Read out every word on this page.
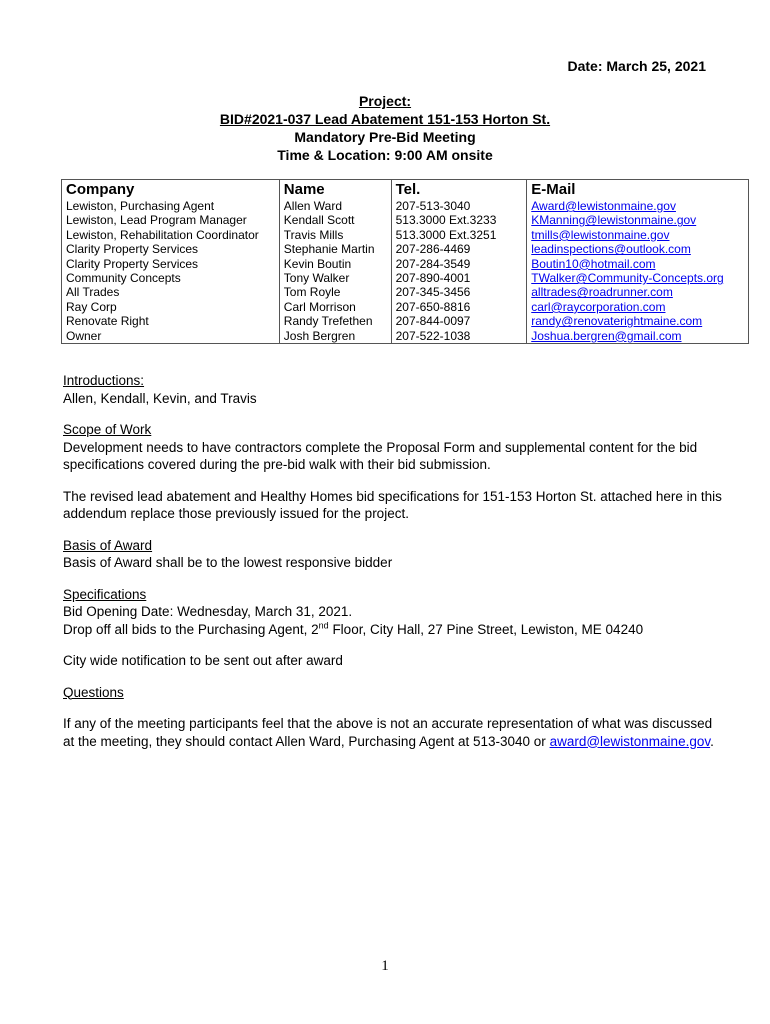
Date: March 25, 2021
Project:
BID#2021-037 Lead Abatement 151-153 Horton St.
Mandatory Pre-Bid Meeting
Time & Location: 9:00 AM onsite
Company	Name	Tel.	E-Mail
Lewiston, Purchasing Agent	Allen Ward	207-513-3040	Award@lewistonmaine.gov
Lewiston, Lead Program Manager	Kendall Scott	513.3000 Ext.3233	KManning@lewistonmaine.gov
Lewiston, Rehabilitation Coordinator	Travis Mills	513.3000 Ext.3251	tmills@lewistonmaine.gov
Clarity Property Services	Stephanie Martin	207-286-4469	leadinspections@outlook.com
Clarity Property Services	Kevin Boutin	207-284-3549	Boutin10@hotmail.com
Community Concepts	Tony Walker	207-890-4001	TWalker@Community-Concepts.org
All Trades	Tom Royle	207-345-3456	alltrades@roadrunner.com
Ray Corp	Carl Morrison	207-650-8816	carl@raycorporation.com
Renovate Right	Randy Trefethen	207-844-0097	randy@renovaterightmaine.com
Owner	Josh Bergren	207-522-1038	Joshua.bergren@gmail.com

Introductions:
Allen, Kendall, Kevin, and Travis

Scope of Work
Development needs to have contractors complete the Proposal Form and supplemental content for the bid specifications covered during the pre-bid walk with their bid submission.

The revised lead abatement and Healthy Homes bid specifications for 151-153 Horton St. attached here in this addendum replace those previously issued for the project.

Basis of Award
Basis of Award shall be to the lowest responsive bidder

Specifications
Bid Opening Date: Wednesday, March 31, 2021.
Drop off all bids to the Purchasing Agent, 2nd Floor, City Hall, 27 Pine Street, Lewiston, ME 04240

City wide notification to be sent out after award

Questions

If any of the meeting participants feel that the above is not an accurate representation of what was discussed at the meeting, they should contact Allen Ward, Purchasing Agent at 513-3040 or award@lewistonmaine.gov.

1
